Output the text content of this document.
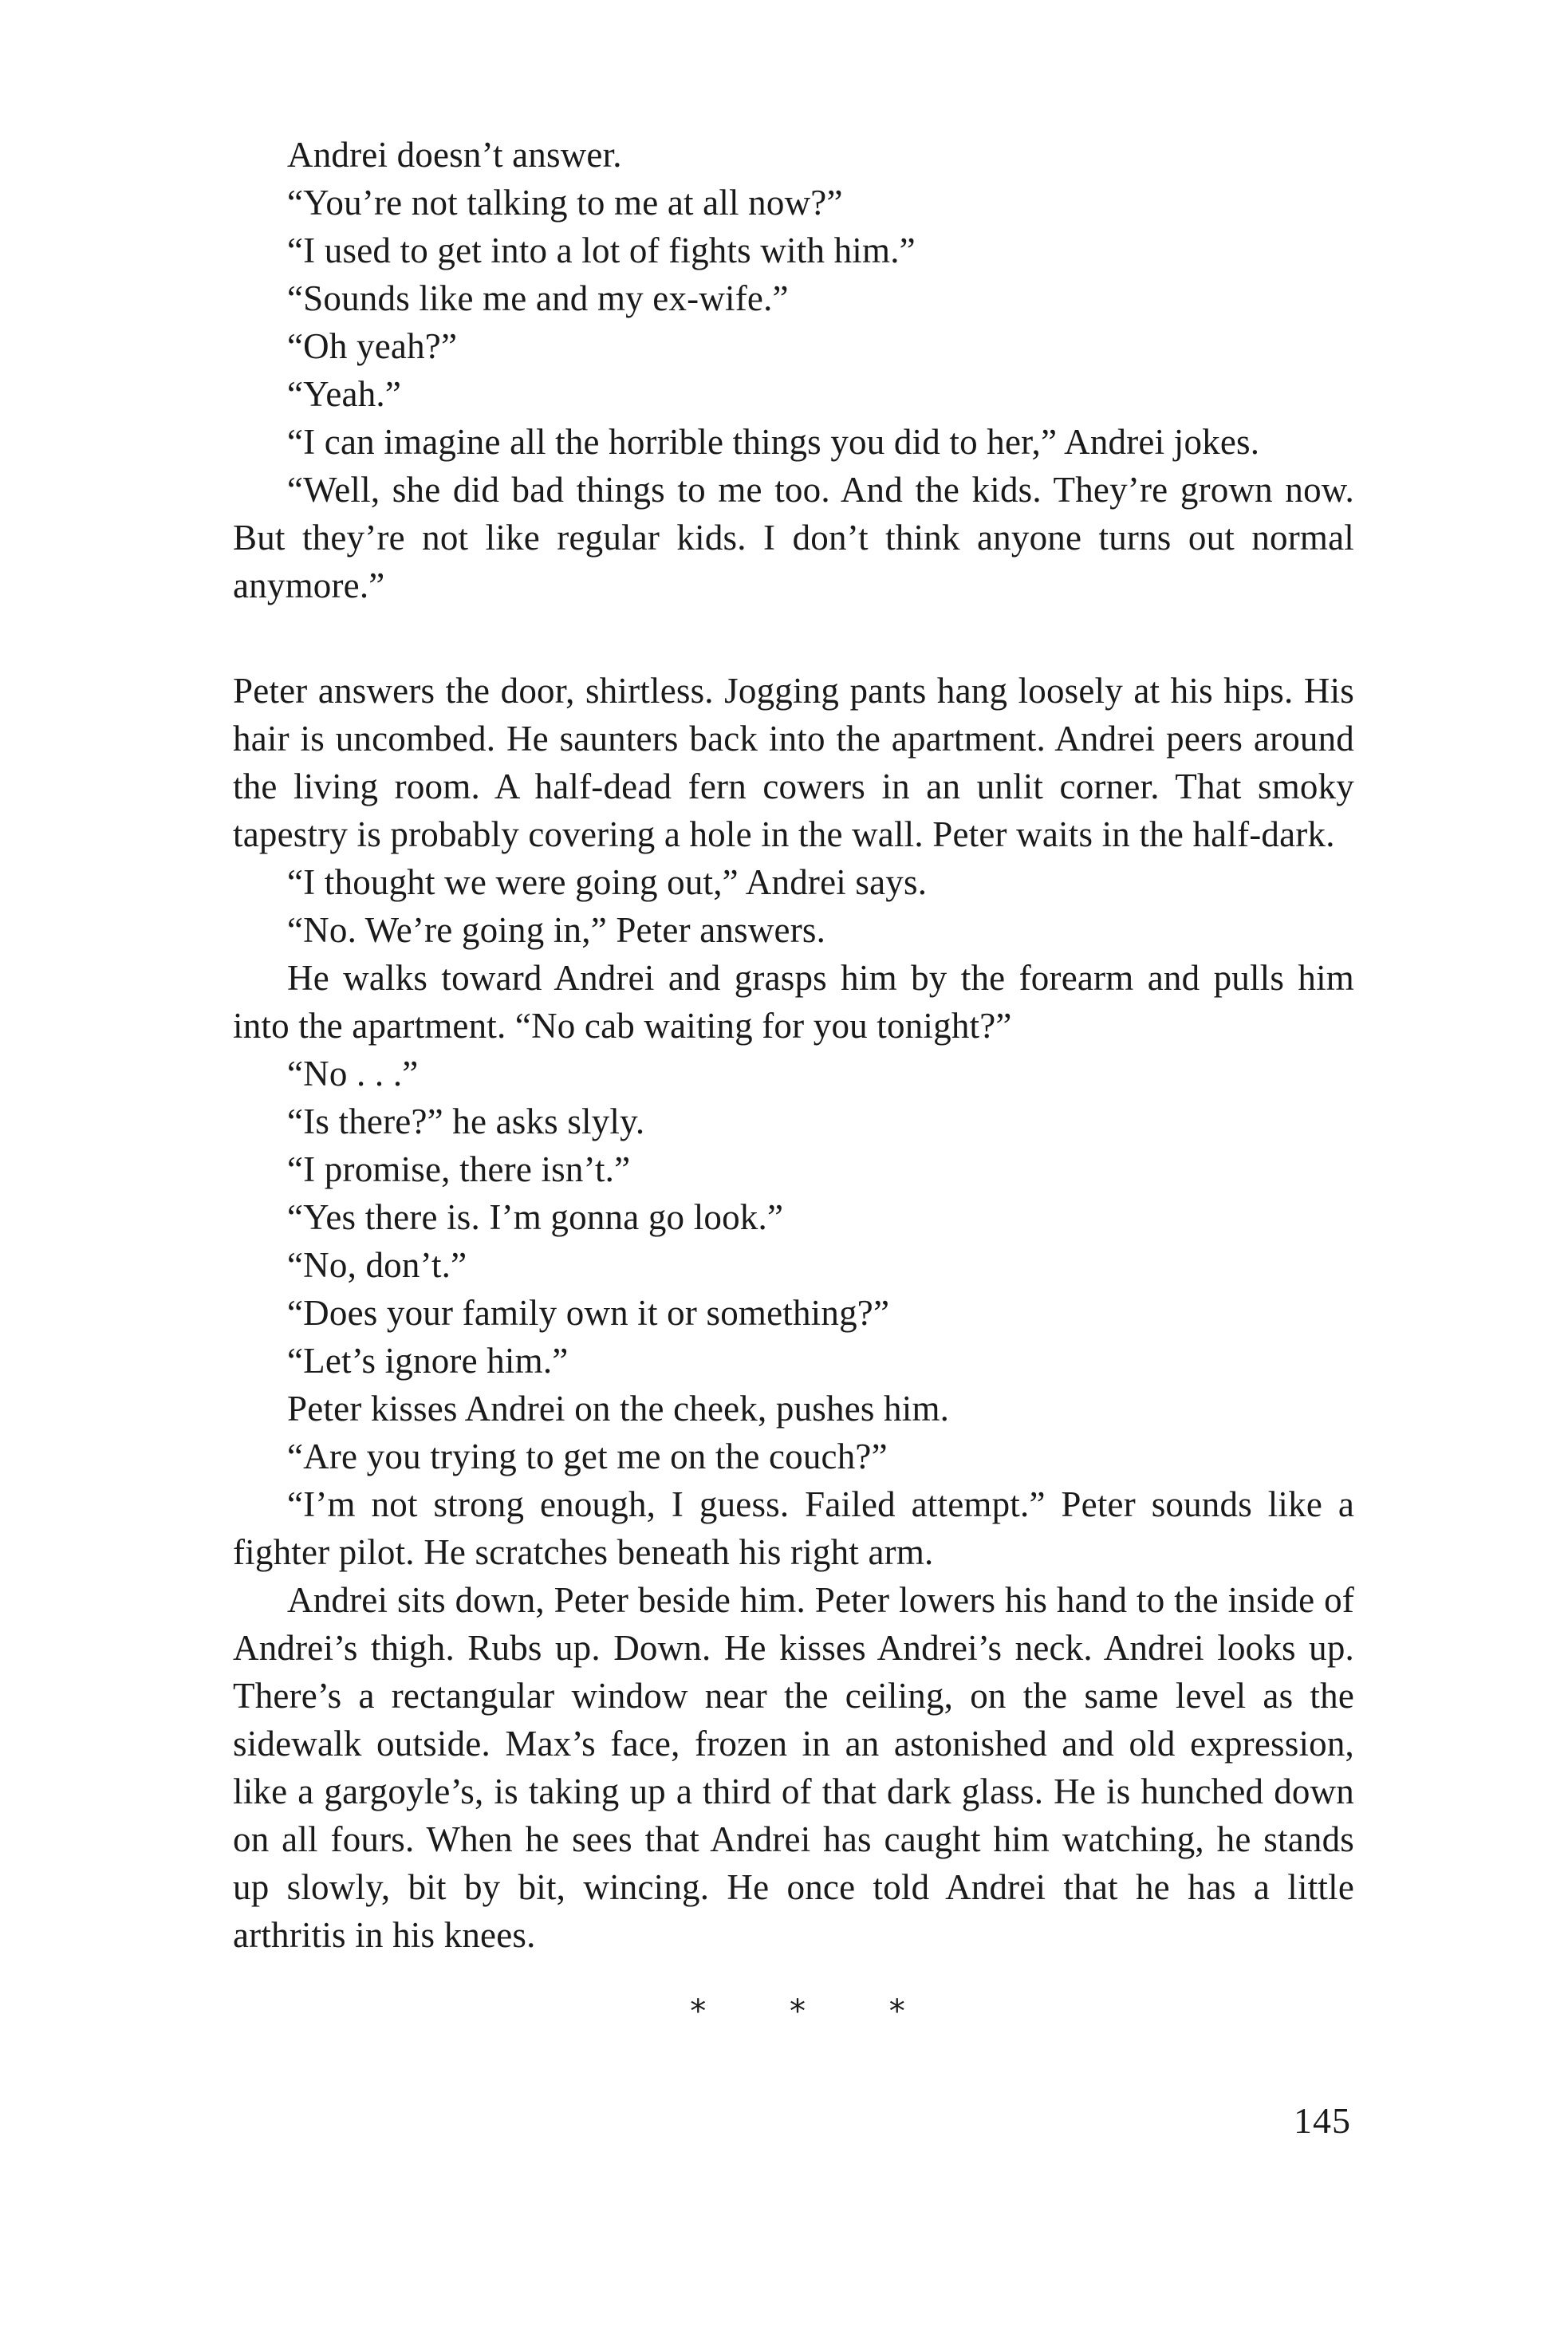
Andrei doesn’t answer.

“You’re not talking to me at all now?”

“I used to get into a lot of fights with him.”

“Sounds like me and my ex-wife.”

“Oh yeah?”

“Yeah.”

“I can imagine all the horrible things you did to her,” Andrei jokes.

“Well, she did bad things to me too. And the kids. They’re grown now. But they’re not like regular kids. I don’t think anyone turns out normal anymore.”

Peter answers the door, shirtless. Jogging pants hang loosely at his hips. His hair is uncombed. He saunters back into the apartment. Andrei peers around the living room. A half-dead fern cowers in an unlit corner. That smoky tapestry is probably covering a hole in the wall. Peter waits in the half-dark.

“I thought we were going out,” Andrei says.

“No. We’re going in,” Peter answers.

He walks toward Andrei and grasps him by the forearm and pulls him into the apartment. “No cab waiting for you tonight?”

“No . . .”

“Is there?” he asks slyly.

“I promise, there isn’t.”

“Yes there is. I’m gonna go look.”

“No, don’t.”

“Does your family own it or something?”

“Let’s ignore him.”

Peter kisses Andrei on the cheek, pushes him.

“Are you trying to get me on the couch?”

“I’m not strong enough, I guess. Failed attempt.” Peter sounds like a fighter pilot. He scratches beneath his right arm.

Andrei sits down, Peter beside him. Peter lowers his hand to the inside of Andrei’s thigh. Rubs up. Down. He kisses Andrei’s neck. Andrei looks up. There’s a rectangular window near the ceiling, on the same level as the sidewalk outside. Max’s face, frozen in an astonished and old expression, like a gargoyle’s, is taking up a third of that dark glass. He is hunched down on all fours. When he sees that Andrei has caught him watching, he stands up slowly, bit by bit, wincing. He once told Andrei that he has a little arthritis in his knees.

* * *
145
